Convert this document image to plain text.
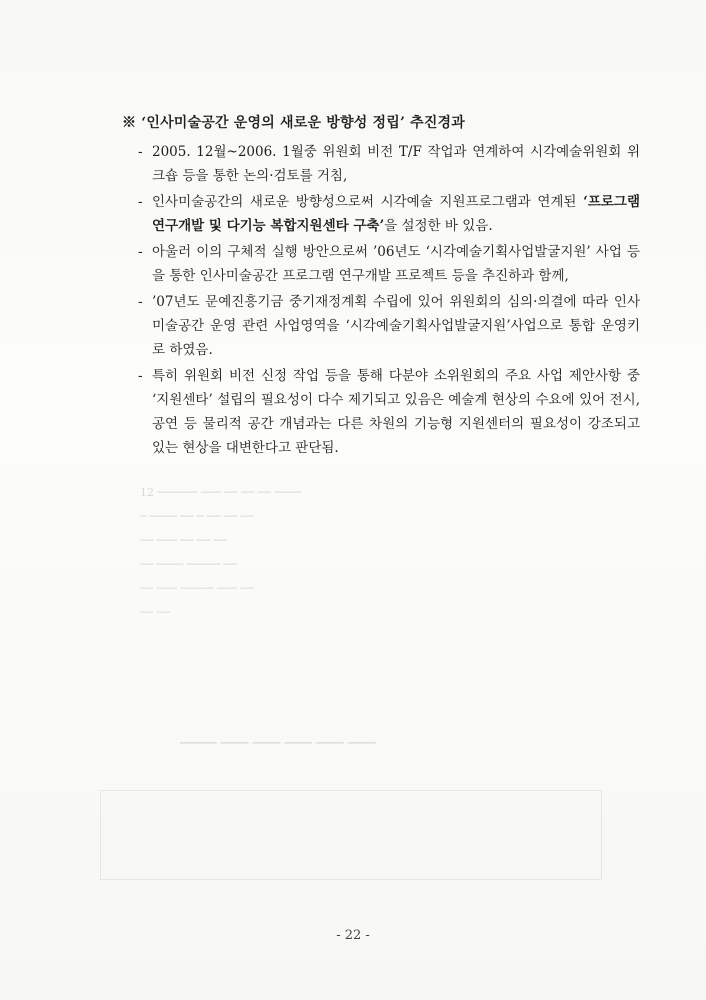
12 ────── ─── ── ── ── ────
─ ──── ── ─ ── ── ──
── ─── ── ── ──
── ──── ───── ──
── ─── ───── ─── ──
── ──
──── ─── ─── ─── ─── ───
※ ‘인사미술공간 운영의 새로운 방향성 정립’ 추진경과
- 2005. 12월~2006. 1월중 위원회 비전 T/F 작업과 연계하여 시각예술위원회 위크숍 등을 통한 논의·검토를 거침,
- 인사미술공간의 새로운 방향성으로써 시각예술 지원프로그램과 연계된 ‘프로그램 연구개발 및 다기능 복합지원센타 구축’을 설정한 바 있음.
- 아울러 이의 구체적 실행 방안으로써 ’06년도 ‘시각예술기획사업발굴지원’ 사업 등을 통한 인사미술공간 프로그램 연구개발 프로젝트 등을 추진하과 함께,
- ’07년도 문예진흥기금 중기재정계획 수립에 있어 위원회의 심의·의결에 따라 인사미술공간 운영 관련 사업영역을 ‘시각예술기획사업발굴지원’사업으로 통합 운영키로 하였음.
- 특히 위원회 비전 신정 작업 등을 통해 다분야 소위원회의 주요 사업 제안사항 중 ‘지원센타’ 설립의 필요성이 다수 제기되고 있음은 예술계 현상의 수요에 있어 전시, 공연 등 물리적 공간 개념과는 다른 차원의 기능형 지원센터의 필요성이 강조되고 있는 현상을 대변한다고 판단됨.
- 22 -
